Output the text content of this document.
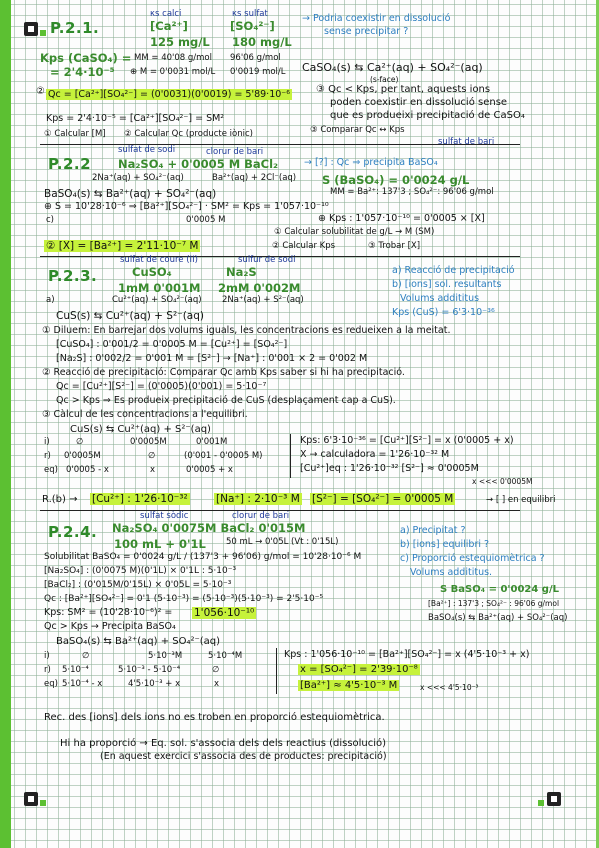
P.2.1.
κs calci	κs sulfat
[Ca²⁺]	[SO₄²⁻]
→ Podria coexistir en dissolució
125 mg/L 180 mg/L
sense precipitar ?
Kps (CaSO₄) = MM = 40'08 g/mol 96'06 g/mol
= 2'4·10⁻⁵ ⊕ M = 0'0031 mol/L 0'0019 mol/L CaSO₄(s) ⇆ Ca²⁺(aq) + SO₄²⁻(aq)
(s-face)
② Qc = [Ca²⁺][SO₄²⁻] = (0'0031)(0'0019) = 5'89·10⁻⁶	③ Qc < Kps, per tant, aquests ions
poden coexistir en dissolució sense
que es produeixi precipitació de CaSO₄
Kps = 2'4·10⁻⁵ = [Ca²⁺][SO₄²⁻] = SM²
① Calcular [M] ② Calcular Qc (producte iònic)	③ Comparar Qc ↔ Kps
sulfat de bari
P.2.2
sulfat de sodi	clorur de bari
Na₂SO₄ + 0'0005 M BaCl₂	→ [?] : Qc ⇒ precipita BaSO₄
2Na⁺(aq) + SO₄²⁻(aq)	Ba²⁺(aq) + 2Cl⁻(aq) S (BaSO₄) = 0'0024 g/L
BaSO₄(s) ⇆ Ba²⁺(aq) + SO₄²⁻(aq)	MM = Ba²⁺: 137'3 ; SO₄²⁻: 96'06 g/mol
⊕ S = 10'28·10⁻⁶ ⇒ [Ba²⁺][SO₄²⁻] · SM² = Kps = 1'057·10⁻¹⁰
c)	0'0005 M	⊕ Kps : 1'057·10⁻¹⁰ = 0'0005 × [X]
② [X] = [Ba²⁺] = 2'11·10⁻⁷ M
① Calcular solubilitat de g/L → M (SM)
② Calcular Kps	③ Trobar [X]
sulfat de coure (II)	sulfur de sodi
P.2.3.	CuSO₄	Na₂S
1mM 0'001M 2mM 0'002M
a) Reacció de precipitació
a)	Cu²⁺(aq) + SO₄²⁻(aq) 2Na⁺(aq) + S²⁻(aq)
b) [ions] sol. resultants
CuS(s) ⇆ Cu²⁺(aq) + S²⁻(aq)
Volums addititus
Kps (CuS) = 6'3·10⁻³⁶
① Diluem: En barrejar dos volums iguals, les concentracions es redueixen a la meitat.
[CuSO₄] : 0'001/2 = 0'0005 M = [Cu²⁺] = [SO₄²⁻]
[Na₂S] : 0'002/2 = 0'001 M = [S²⁻] → [Na⁺] : 0'001 × 2 = 0'002 M
② Reacció de precipitació: Comparar Qc amb Kps saber si hi ha precipitació.
Qc = [Cu²⁺][S²⁻] = (0'0005)(0'001) = 5·10⁻⁷
Qc > Kps ⇒ Es produeix precipitació de CuS (desplaçament cap a CuS).
③ Càlcul de les concentracions a l'equilibri.
CuS(s) ⇆ Cu²⁺(aq) + S²⁻(aq)
i)	∅	0'0005M	0'001M	Kps: 6'3·10⁻³⁶ = [Cu²⁺][S²⁻] = x (0'0005 + x)
r) 0'0005M	∅	(0'001 - 0'0005 M)	X → calculadora = 1'26·10⁻³² M
eq) 0'0005 - x	x	0'0005 + x	[Cu²⁺]eq : 1'26·10⁻³² [S²⁻] ≈ 0'0005M
x <<< 0'0005M
R.(b) → [Cu²⁺] : 1'26·10⁻³²	[Na⁺] : 2·10⁻³ M [S²⁻] = [SO₄²⁻] = 0'0005 M	→ [ ] en equilibri
sulfat sòdic	clorur de bari
P.2.4. Na₂SO₄ 0'0075M BaCl₂ 0'015M
100 mL + 0'1L 50 mL → 0'05L (Vt : 0'15L)
a) Precipitat ?
Solubilitat BaSO₄ = 0'0024 g/L / (137'3 + 96'06) g/mol = 10'28·10⁻⁶ M
b) [ions] equilibri ?
[Na₂SO₄] : (0'0075 M)(0'1L) × 0'1L : 5·10⁻³
c) Proporció estequiomètrica ?
[BaCl₂] : (0'015M/0'15L) × 0'05L = 5·10⁻³
Volums addititus.
Qc : [Ba²⁺][SO₄²⁻] = 0'1 (5·10⁻³) = (5·10⁻³)(5·10⁻³) = 2'5·10⁻⁵
S BaSO₄ = 0'0024 g/L
Kps: SM² = (10'28·10⁻⁶)² = 1'056·10⁻¹⁰
[Ba²⁺] : 137'3 ; SO₄²⁻ : 96'06 g/mol
Qc > Kps → Precipita BaSO₄
BaSO₄(s) ⇆ Ba²⁺(aq) + SO₄²⁻(aq)
BaSO₄(s) ⇆ Ba²⁺(aq) + SO₄²⁻(aq)
i)	∅	5·10⁻³M	5·10⁻⁴M	Kps : 1'056·10⁻¹⁰ = [Ba²⁺][SO₄²⁻] = x (4'5·10⁻³ + x)
r) 5·10⁻⁴	5·10⁻³ - 5·10⁻⁴	∅	x = [SO₄²⁻] = 2'39·10⁻⁸
eq) 5·10⁻⁴ - x	4'5·10⁻³ + x	x	[Ba²⁺] ≈ 4'5·10⁻³ M	x <<< 4'5·10⁻³
Rec. des [ions] dels ions no es troben en proporció estequiomètrica.
Hi ha proporció → Eq. sol. s'associa dels dels reactius (dissolució)
(En aquest exercici s'associa des de productes: precipitació)
